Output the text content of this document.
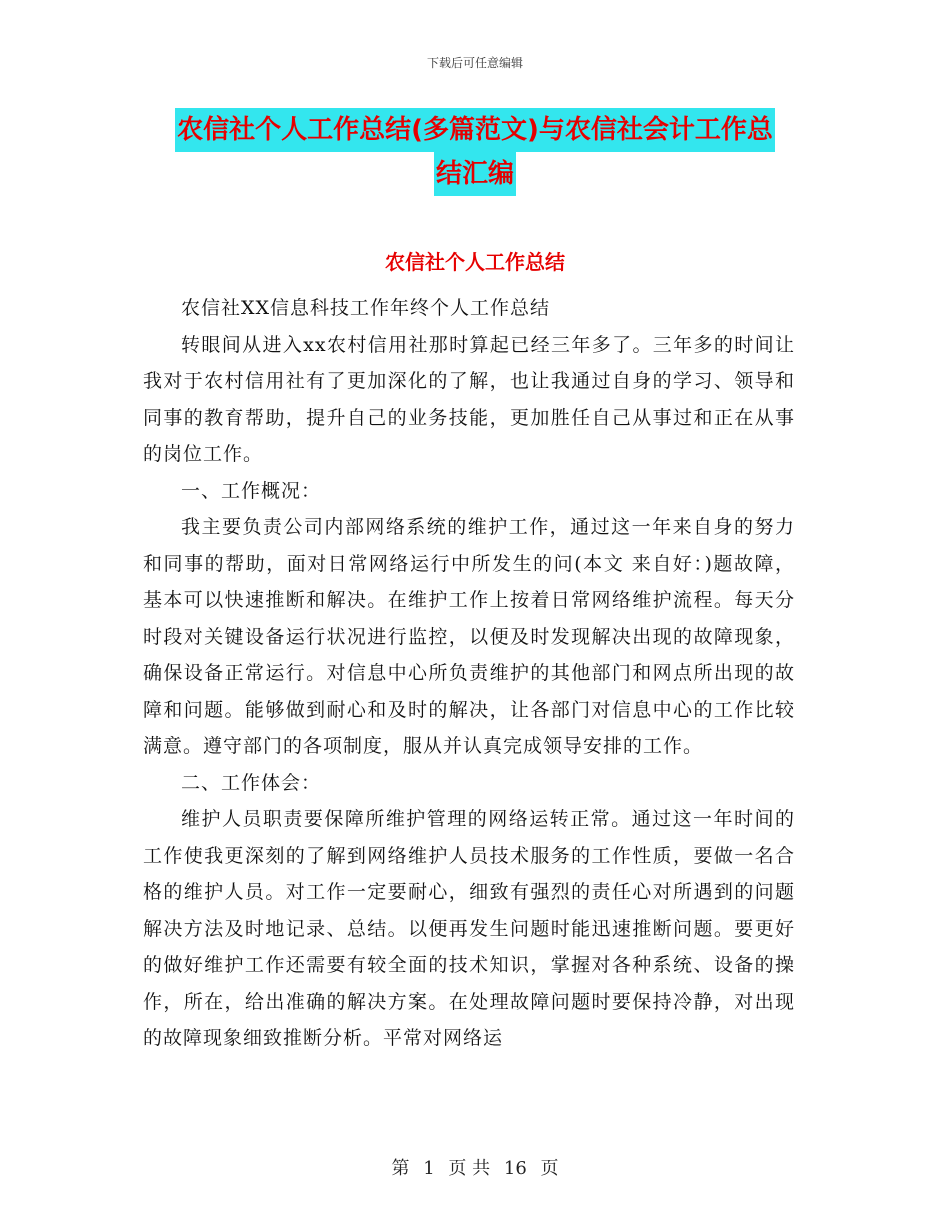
下载后可任意编辑
农信社个人工作总结(多篇范文)与农信社会计工作总
结汇编
农信社个人工作总结

农信社XX信息科技工作年终个人工作总结

转眼间从进入xx农村信用社那时算起已经三年多了。三年多的时间让我对于农村信用社有了更加深化的了解，也让我通过自身的学习、领导和同事的教育帮助，提升自己的业务技能，更加胜任自己从事过和正在从事的岗位工作。

一、工作概况：

我主要负责公司内部网络系统的维护工作，通过这一年来自身的努力和同事的帮助，面对日常网络运行中所发生的问(本文 来自好：)题故障，基本可以快速推断和解决。在维护工作上按着日常网络维护流程。每天分时段对关键设备运行状况进行监控，以便及时发现解决出现的故障现象，确保设备正常运行。对信息中心所负责维护的其他部门和网点所出现的故障和问题。能够做到耐心和及时的解决，让各部门对信息中心的工作比较满意。遵守部门的各项制度，服从并认真完成领导安排的工作。

二、工作体会：

维护人员职责要保障所维护管理的网络运转正常。通过这一年时间的工作使我更深刻的了解到网络维护人员技术服务的工作性质，要做一名合格的维护人员。对工作一定要耐心，细致有强烈的责任心对所遇到的问题解决方法及时地记录、总结。以便再发生问题时能迅速推断问题。要更好的做好维护工作还需要有较全面的技术知识，掌握对各种系统、设备的操作，所在，给出准确的解决方案。在处理故障问题时要保持冷静，对出现的故障现象细致推断分析。平常对网络运

第 1 页 共 16 页
